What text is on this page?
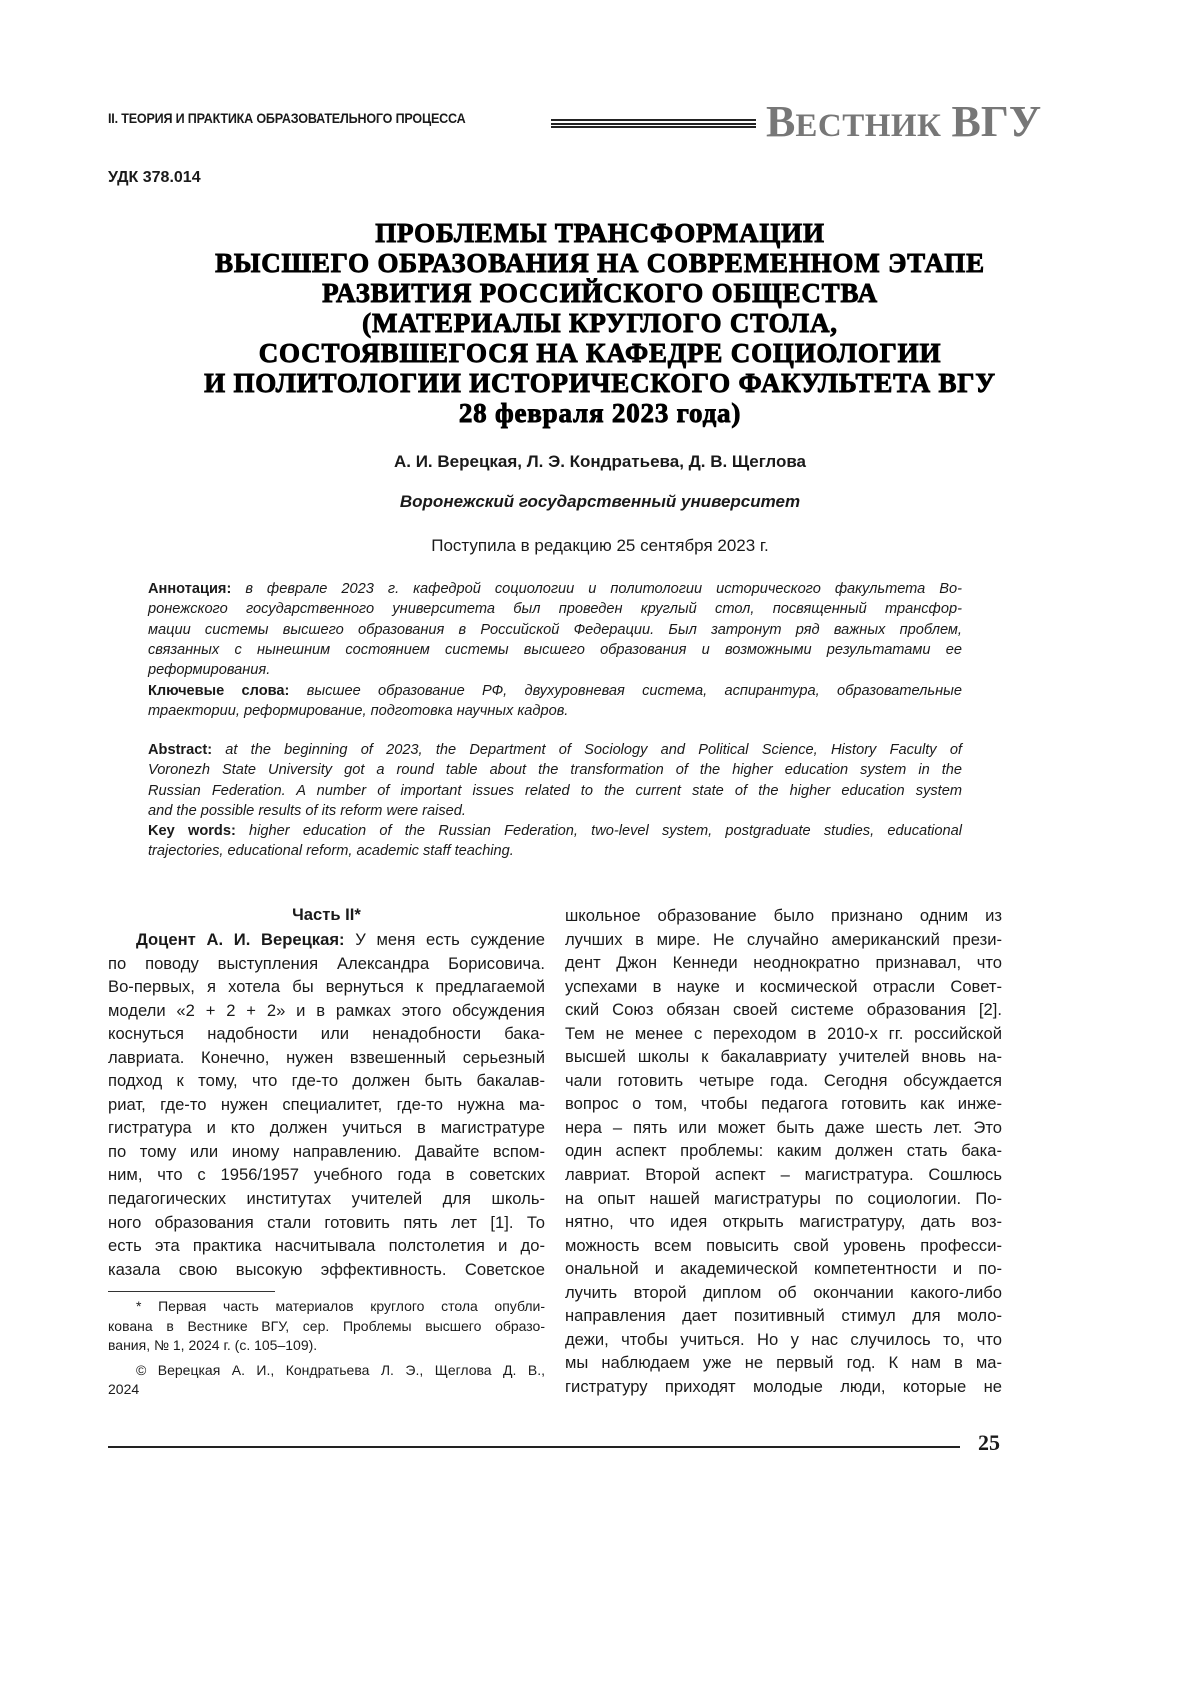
II. ТЕОРИЯ И ПРАКТИКА ОБРАЗОВАТЕЛЬНОГО ПРОЦЕССА	ВЕСТНИК ВГУ
УДК 378.014
ПРОБЛЕМЫ ТРАНСФОРМАЦИИ
ВЫСШЕГО ОБРАЗОВАНИЯ НА СОВРЕМЕННОМ ЭТАПЕ
РАЗВИТИЯ РОССИЙСКОГО ОБЩЕСТВА
(МАТЕРИАЛЫ КРУГЛОГО СТОЛА,
СОСТОЯВШЕГОСЯ НА КАФЕДРЕ СОЦИОЛОГИИ
И ПОЛИТОЛОГИИ ИСТОРИЧЕСКОГО ФАКУЛЬТЕТА ВГУ
28 февраля 2023 года)
А. И. Верецкая, Л. Э. Кондратьева, Д. В. Щеглова
Воронежский государственный университет
Поступила в редакцию 25 сентября 2023 г.
Аннотация: в феврале 2023 г. кафедрой социологии и политологии исторического факультета Во-
ронежского государственного университета был проведен круглый стол, посвященный трансфор-
мации системы высшего образования в Российской Федерации. Был затронут ряд важных проблем,
связанных с нынешним состоянием системы высшего образования и возможными результатами ее
реформирования.
Ключевые слова: высшее образование РФ, двухуровневая система, аспирантура, образовательные
траектории, реформирование, подготовка научных кадров.
Abstract: at the beginning of 2023, the Department of Sociology and Political Science, History Faculty of
Voronezh State University got a round table about the transformation of the higher education system in the
Russian Federation. A number of important issues related to the current state of the higher education system
and the possible results of its reform were raised.
Key words: higher education of the Russian Federation, two-level system, postgraduate studies, educational
trajectories, educational reform, academic staff teaching.
Часть II*
Доцент А. И. Верецкая: У меня есть суждение
по поводу выступления Александра Борисовича.
Во-первых, я хотела бы вернуться к предлагаемой
модели «2 + 2 + 2» и в рамках этого обсуждения
коснуться надобности или ненадобности бака-
лавриата. Конечно, нужен взвешенный серьезный
подход к тому, что где-то должен быть бакалав-
риат, где-то нужен специалитет, где-то нужна ма-
гистратура и кто должен учиться в магистратуре
по тому или иному направлению. Давайте вспом-
ним, что с 1956/1957 учебного года в советских
педагогических институтах учителей для школь-
ного образования стали готовить пять лет [1]. То
есть эта практика насчитывала полстолетия и до-
казала свою высокую эффективность. Советское
школьное образование было признано одним из
лучших в мире. Не случайно американский прези-
дент Джон Кеннеди неоднократно признавал, что
успехами в науке и космической отрасли Совет-
ский Союз обязан своей системе образования [2].
Тем не менее с переходом в 2010-х гг. российской
высшей школы к бакалавриату учителей вновь на-
чали готовить четыре года. Сегодня обсуждается
вопрос о том, чтобы педагога готовить как инже-
нера – пять или может быть даже шесть лет. Это
один аспект проблемы: каким должен стать бака-
лавриат. Второй аспект – магистратура. Сошлюсь
на опыт нашей магистратуры по социологии. По-
нятно, что идея открыть магистратуру, дать воз-
можность всем повысить свой уровень професси-
ональной и академической компетентности и по-
лучить второй диплом об окончании какого-либо
направления дает позитивный стимул для моло-
дежи, чтобы учиться. Но у нас случилось то, что
мы наблюдаем уже не первый год. К нам в ма-
гистратуру приходят молодые люди, которые не
* Первая часть материалов круглого стола опубли-
кована в Вестнике ВГУ, сер. Проблемы высшего образо-
вания, № 1, 2024 г. (с. 105–109).
© Верецкая А. И., Кондратьева Л. Э., Щеглова Д. В.,
2024
25
